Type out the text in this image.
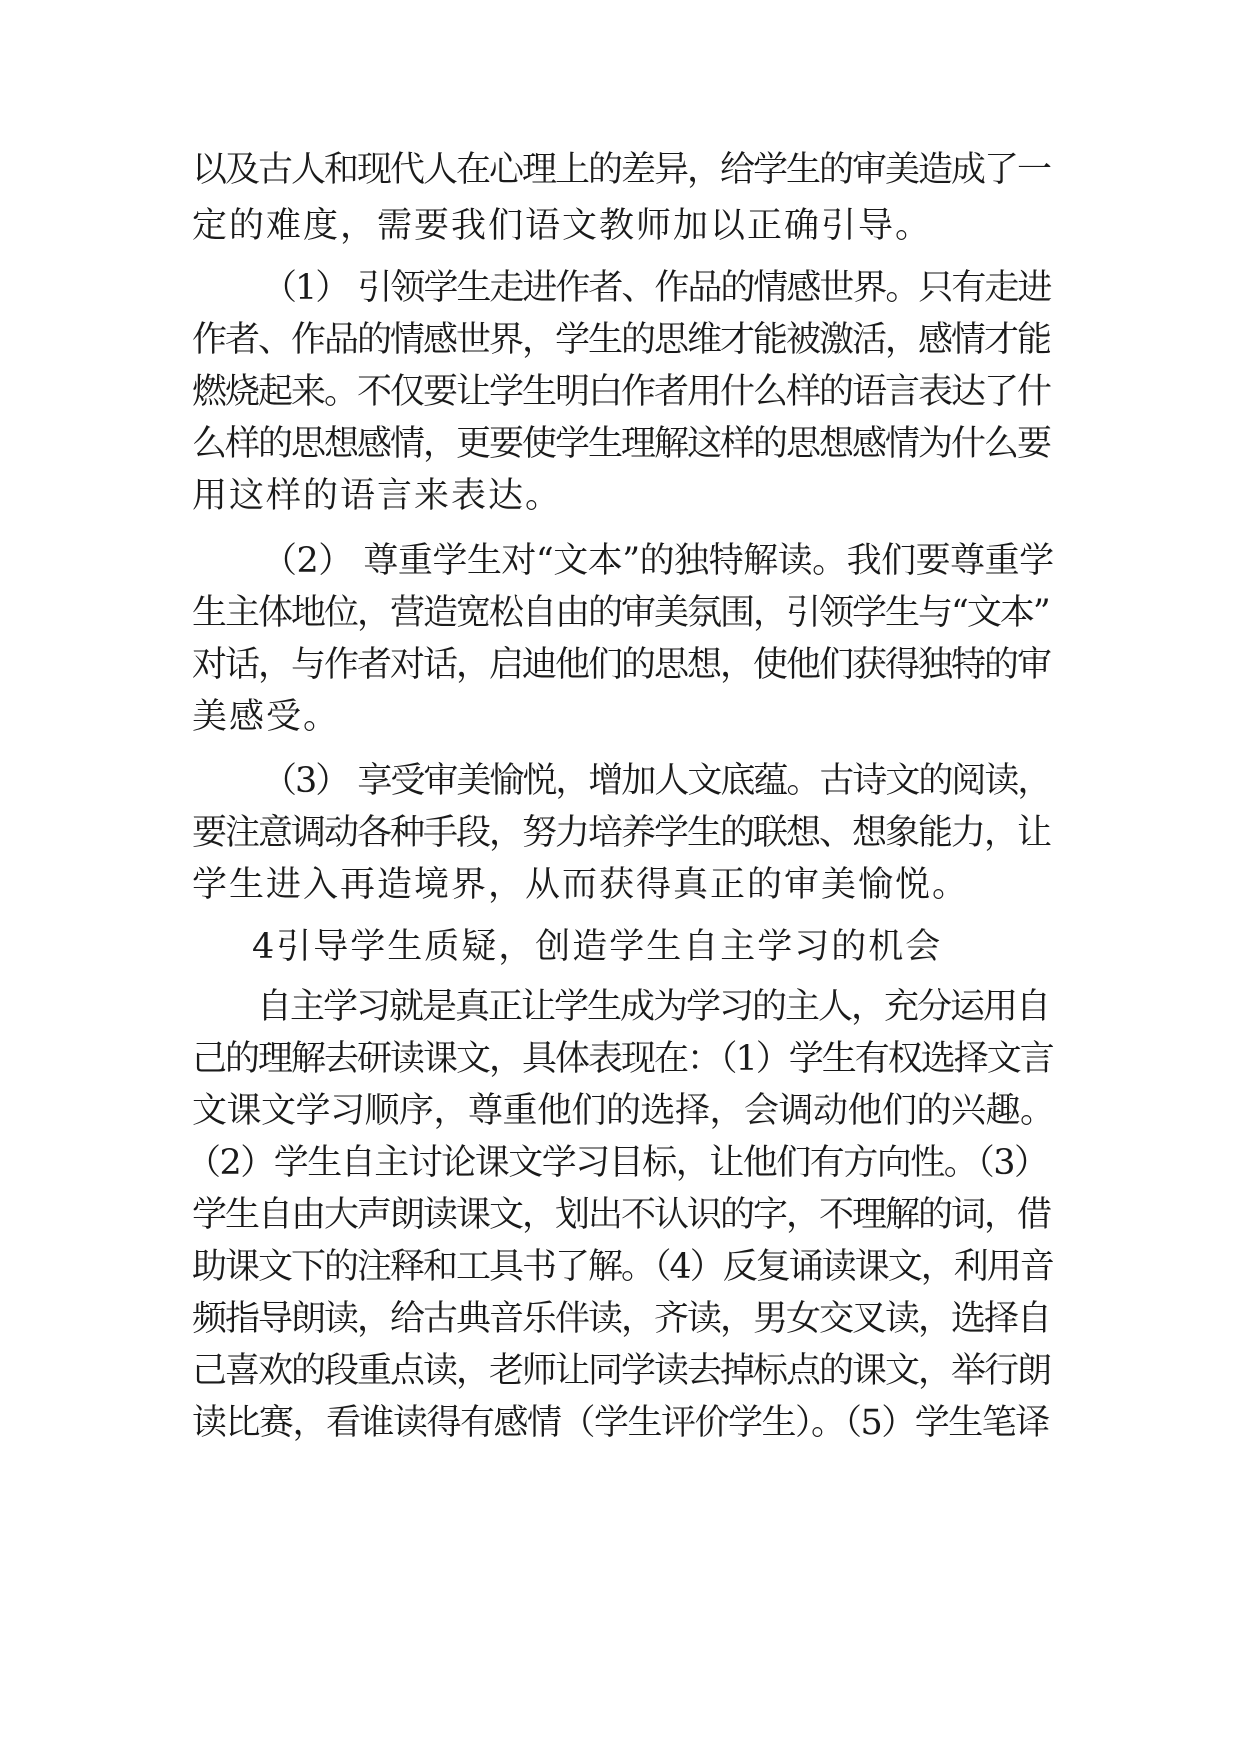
以及古人和现代人在心理上的差异，给学生的审美造成了一
定的难度，需要我们语文教师加以正确引导。
（1） 引领学生走进作者、作品的情感世界。只有走进
作者、作品的情感世界，学生的思维才能被激活，感情才能
燃烧起来。不仅要让学生明白作者用什么样的语言表达了什
么样的思想感情，更要使学生理解这样的思想感情为什么要
用这样的语言来表达。
（2） 尊重学生对“文本”的独特解读。我们要尊重学
生主体地位，营造宽松自由的审美氛围，引领学生与“文本”
对话，与作者对话，启迪他们的思想，使他们获得独特的审
美感受。
（3） 享受审美愉悦，增加人文底蕴。古诗文的阅读，
要注意调动各种手段，努力培养学生的联想、想象能力，让
学生进入再造境界，从而获得真正的审美愉悦。
4引导学生质疑，创造学生自主学习的机会
自主学习就是真正让学生成为学习的主人，充分运用自
己的理解去研读课文，具体表现在：（1）学生有权选择文言
文课文学习顺序，尊重他们的选择，会调动他们的兴趣。
（2）学生自主讨论课文学习目标，让他们有方向性。（3）
学生自由大声朗读课文，划出不认识的字，不理解的词，借
助课文下的注释和工具书了解。（4）反复诵读课文，利用音
频指导朗读，给古典音乐伴读，齐读，男女交叉读，选择自
己喜欢的段重点读，老师让同学读去掉标点的课文，举行朗
读比赛，看谁读得有感情（学生评价学生）。（5）学生笔译
